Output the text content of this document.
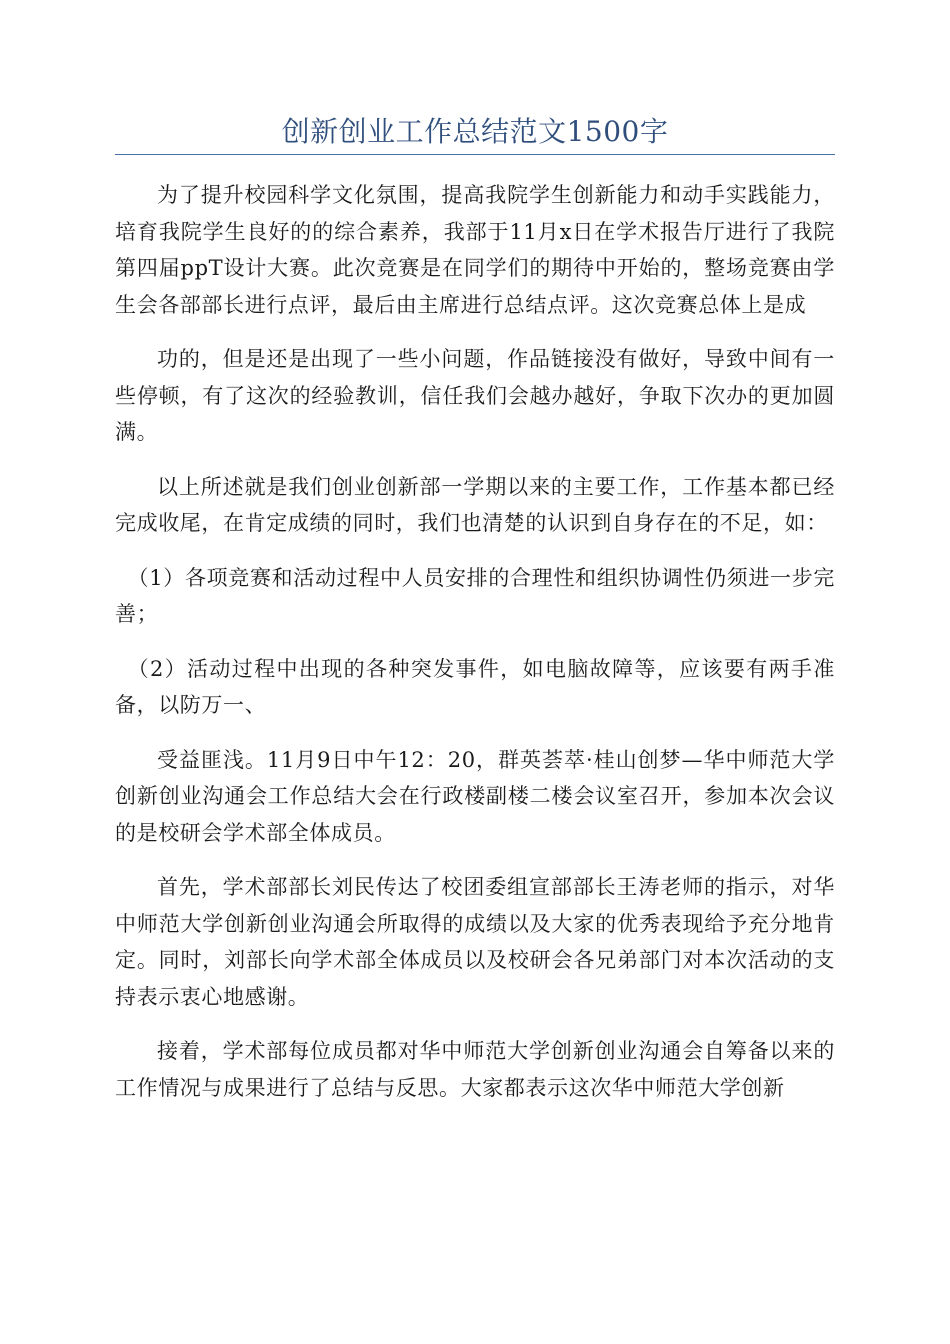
创新创业工作总结范文1500字

为了提升校园科学文化氛围，提高我院学生创新能力和动手实践能力，培育我院学生良好的的综合素养，我部于11月x日在学术报告厅进行了我院第四届ppT设计大赛。此次竞赛是在同学们的期待中开始的，整场竞赛由学生会各部部长进行点评，最后由主席进行总结点评。这次竞赛总体上是成

功的，但是还是出现了一些小问题，作品链接没有做好，导致中间有一些停顿，有了这次的经验教训，信任我们会越办越好，争取下次办的更加圆满。

以上所述就是我们创业创新部一学期以来的主要工作，工作基本都已经完成收尾，在肯定成绩的同时，我们也清楚的认识到自身存在的不足，如：

（1）各项竞赛和活动过程中人员安排的合理性和组织协调性仍须进一步完善；

（2）活动过程中出现的各种突发事件，如电脑故障等，应该要有两手准备，以防万一、

受益匪浅。11月9日中午12：20，群英荟萃·桂山创梦—华中师范大学创新创业沟通会工作总结大会在行政楼副楼二楼会议室召开，参加本次会议的是校研会学术部全体成员。

首先，学术部部长刘民传达了校团委组宣部部长王涛老师的指示，对华中师范大学创新创业沟通会所取得的成绩以及大家的优秀表现给予充分地肯定。同时，刘部长向学术部全体成员以及校研会各兄弟部门对本次活动的支持表示衷心地感谢。

接着，学术部每位成员都对华中师范大学创新创业沟通会自筹备以来的工作情况与成果进行了总结与反思。大家都表示这次华中师范大学创新
